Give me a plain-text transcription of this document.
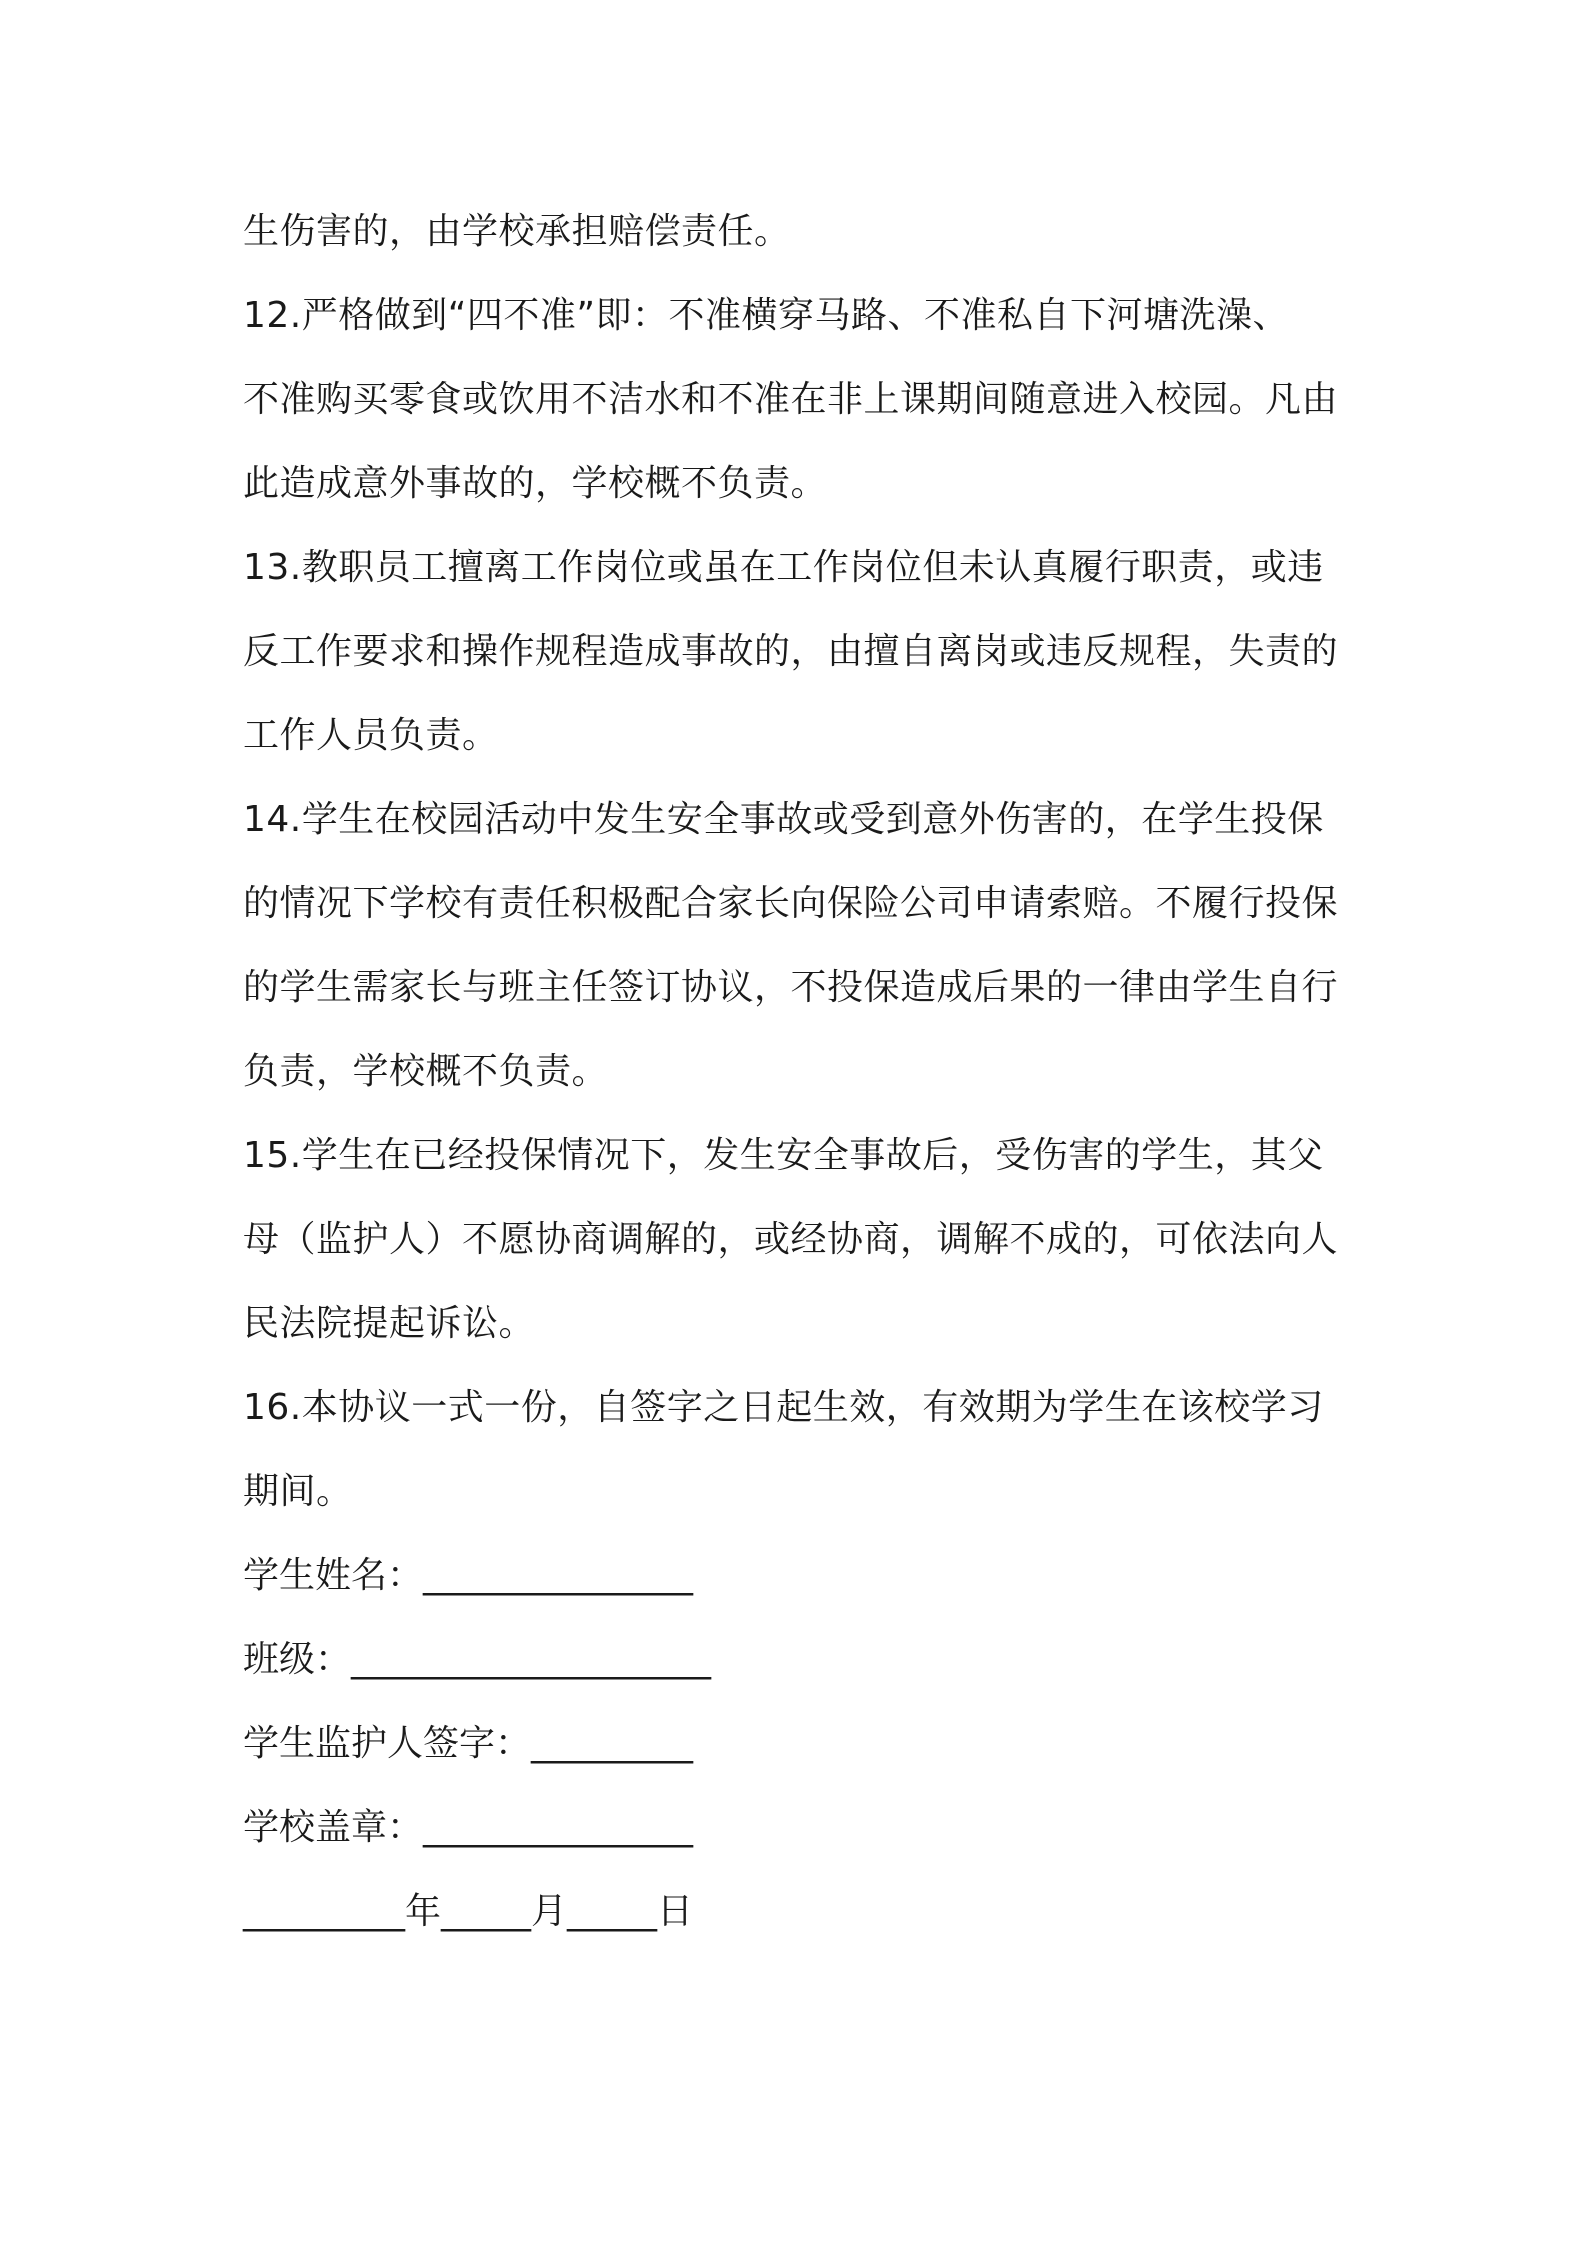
生伤害的，由学校承担赔偿责任。
12.严格做到“四不准”即：不准横穿马路、不准私自下河塘洗澡、
不准购买零食或饮用不洁水和不准在非上课期间随意进入校园。凡由
此造成意外事故的，学校概不负责。
13.教职员工擅离工作岗位或虽在工作岗位但未认真履行职责，或违
反工作要求和操作规程造成事故的，由擅自离岗或违反规程，失责的
工作人员负责。
14.学生在校园活动中发生安全事故或受到意外伤害的，在学生投保
的情况下学校有责任积极配合家长向保险公司申请索赔。不履行投保
的学生需家长与班主任签订协议，不投保造成后果的一律由学生自行
负责，学校概不负责。
15.学生在已经投保情况下，发生安全事故后，受伤害的学生，其父
母（监护人）不愿协商调解的，或经协商，调解不成的，可依法向人
民法院提起诉讼。
16.本协议一式一份，自签字之日起生效，有效期为学生在该校学习
期间。
学生姓名：_______________
班级：____________________
学生监护人签字：_________
学校盖章：_______________
_________年_____月_____日
